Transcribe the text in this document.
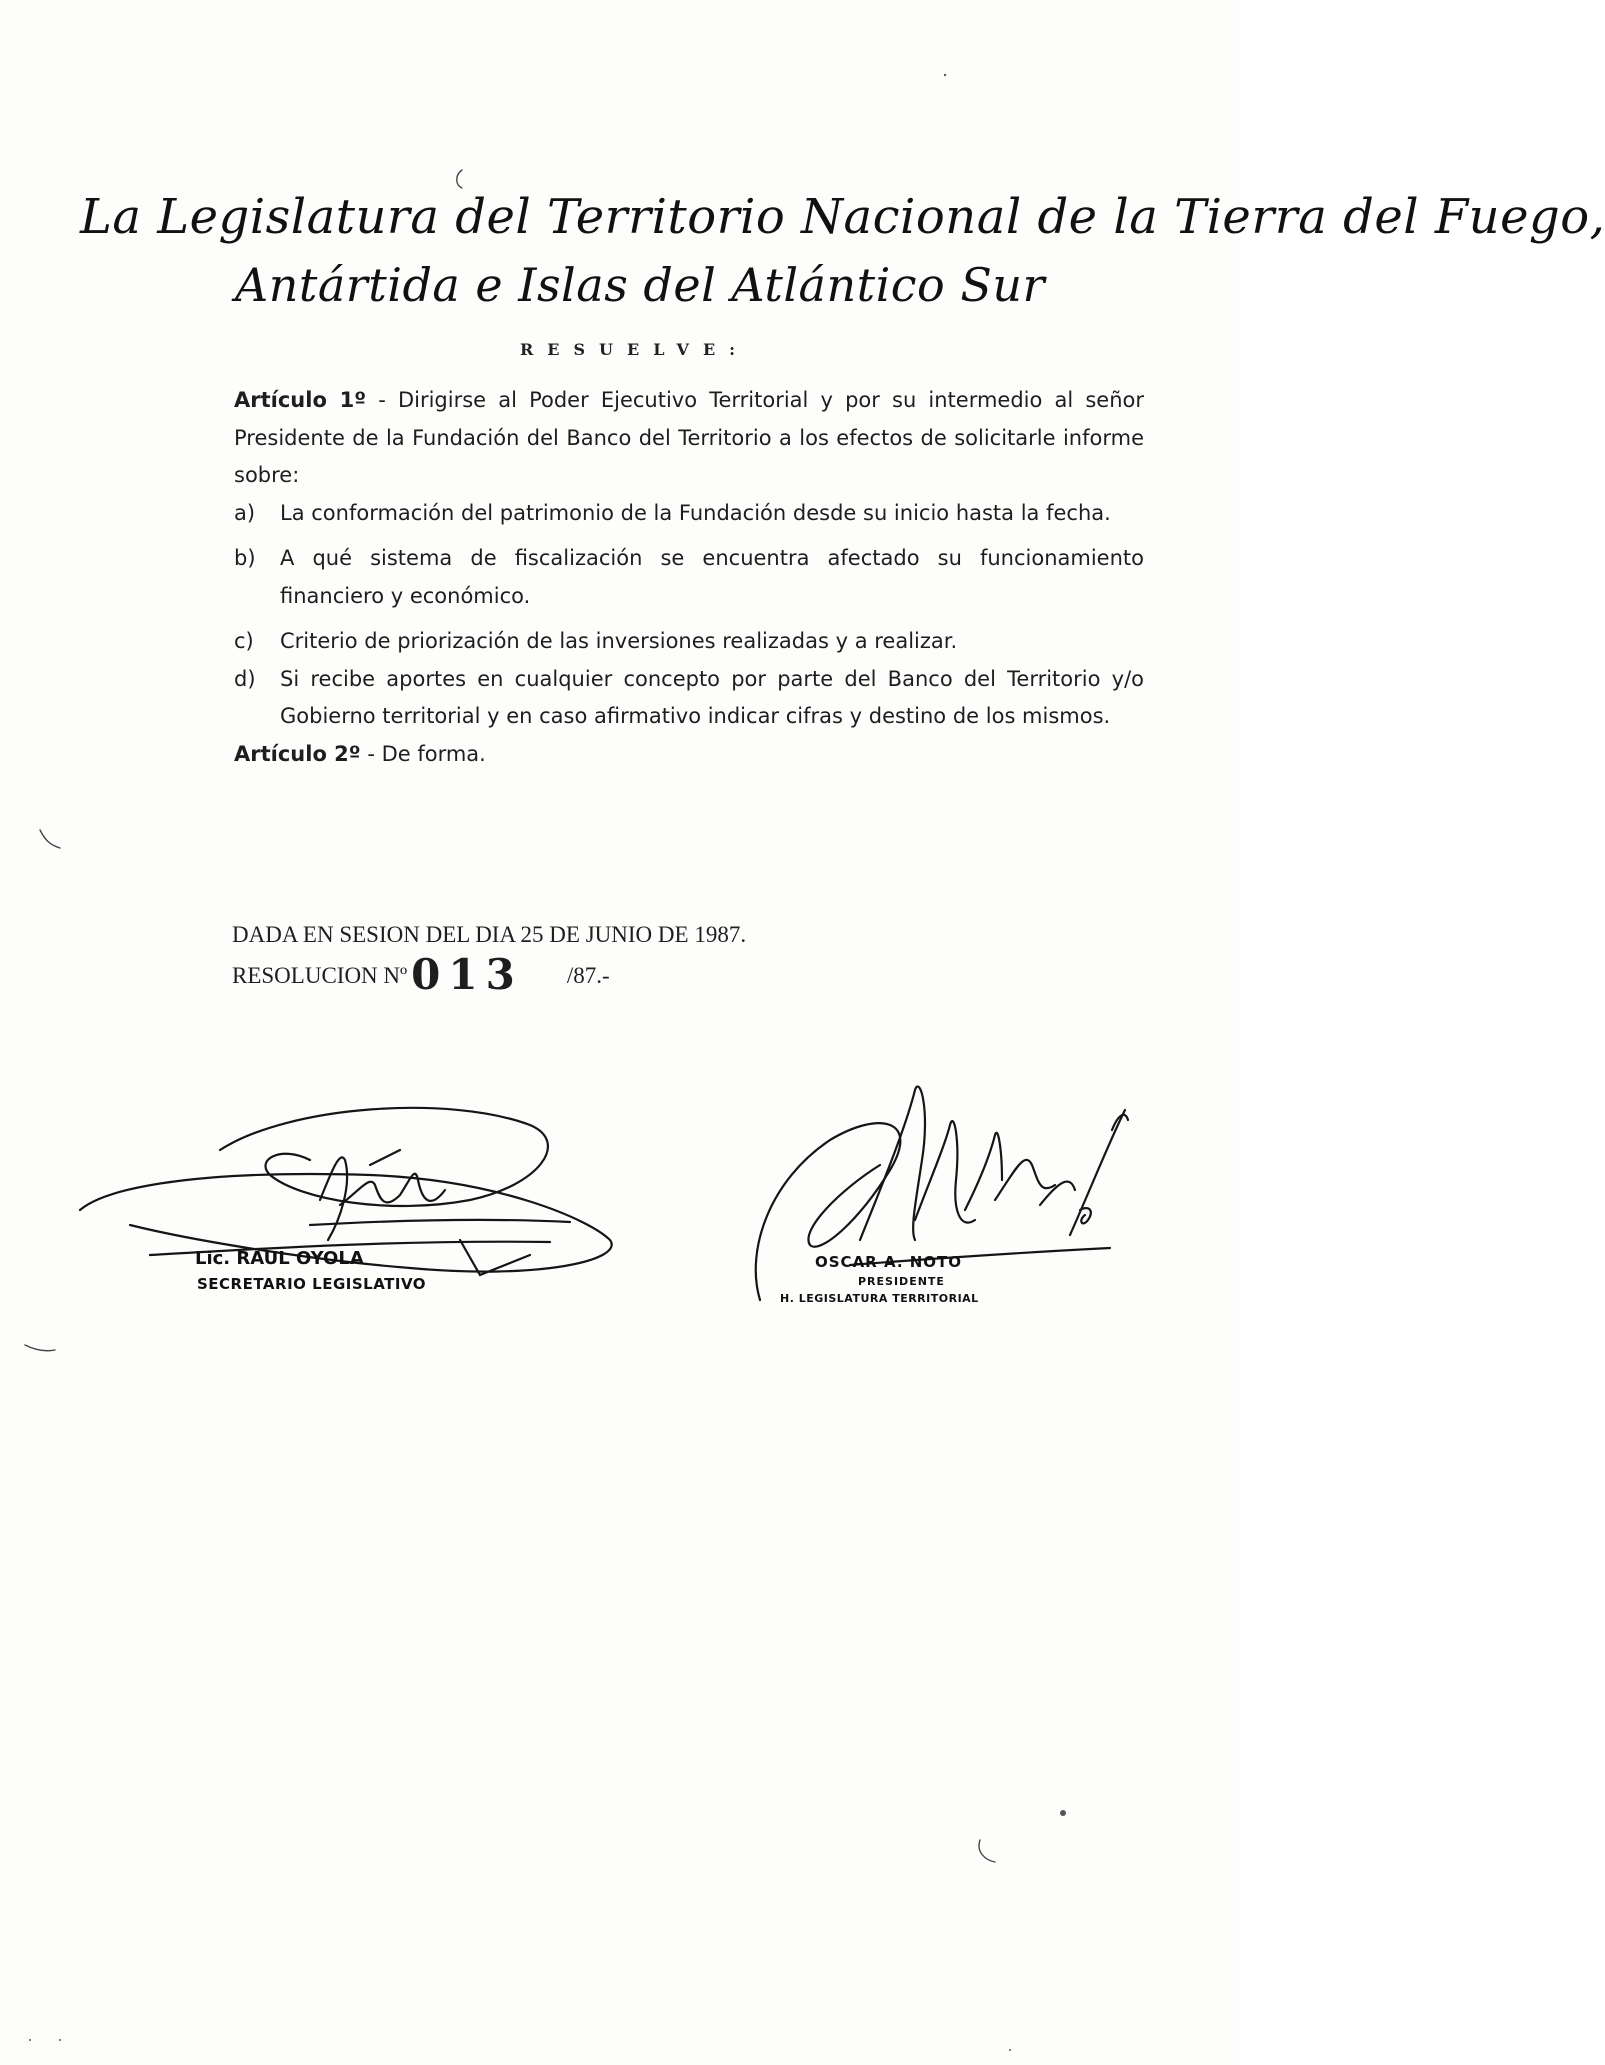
La Legislatura del Territorio Nacional de la Tierra del Fuego,
Antártida e Islas del Atlántico Sur
RESUELVE:
Artículo 1º - Dirigirse al Poder Ejecutivo Territorial y por su intermedio al señor Presidente de la Fundación del Banco del Territorio a los efectos de solicitarle informe sobre:
a)	La conformación del patrimonio de la Fundación desde su inicio hasta la fecha.
b)	A qué sistema de fiscalización se encuentra afectado su funcionamiento financiero y económico.
c)	Criterio de priorización de las inversiones realizadas y a realizar.
d)	Si recibe aportes en cualquier concepto por parte del Banco del Territorio y/o Gobierno territorial y en caso afirmativo indicar cifras y destino de los mismos.
Artículo 2º - De forma.
DADA EN SESION DEL DIA 25 DE JUNIO DE 1987.
RESOLUCION Nº013 /87.-
Lic. RAUL OYOLA
SECRETARIO LEGISLATIVO
OSCAR A. NOTO
PRESIDENTE
H. LEGISLATURA TERRITORIAL
